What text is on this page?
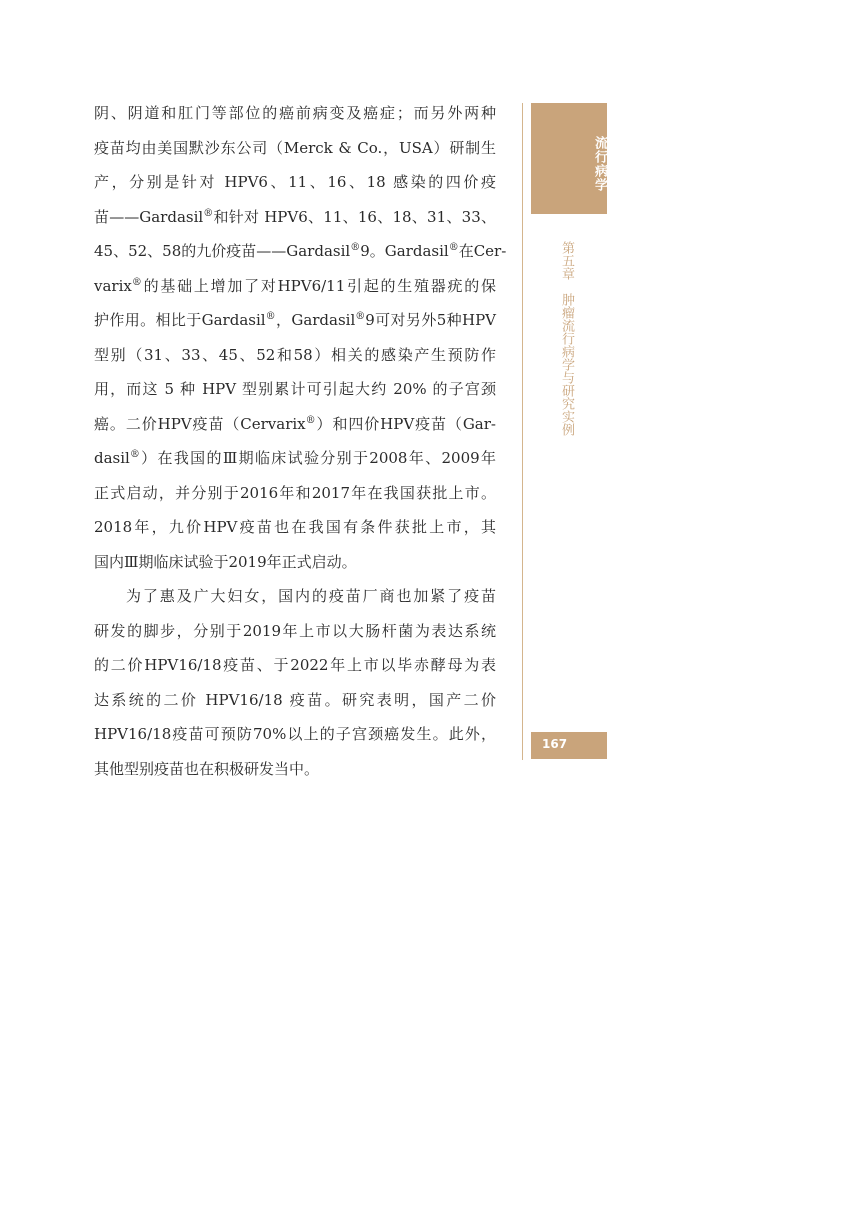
阴、阴道和肛门等部位的癌前病变及癌症；而另外两种
疫苗均由美国默沙东公司（Merck & Co.，USA）研制生
产，分别是针对 HPV6、11、16、18 感染的四价疫
苗——Gardasil®和针对 HPV6、11、16、18、31、33、
45、52、58的九价疫苗——Gardasil®9。Gardasil®在Cer-
varix®的基础上增加了对HPV6/11引起的生殖器疣的保
护作用。相比于Gardasil®，Gardasil®9可对另外5种HPV
型别（31、33、45、52和58）相关的感染产生预防作
用，而这 5 种 HPV 型别累计可引起大约 20% 的子宫颈
癌。二价HPV疫苗（Cervarix®）和四价HPV疫苗（Gar-
dasil®）在我国的Ⅲ期临床试验分别于2008年、2009年
正式启动，并分别于2016年和2017年在我国获批上市。
2018年，九价HPV疫苗也在我国有条件获批上市，其
国内Ⅲ期临床试验于2019年正式启动。
为了惠及广大妇女，国内的疫苗厂商也加紧了疫苗
研发的脚步，分别于2019年上市以大肠杆菌为表达系统
的二价HPV16/18疫苗、于2022年上市以毕赤酵母为表
达系统的二价 HPV16/18 疫苗。研究表明，国产二价
HPV16/18疫苗可预防70%以上的子宫颈癌发生。此外，
其他型别疫苗也在积极研发当中。
流行病学
第五章　肿瘤流行病学与研究实例
167
